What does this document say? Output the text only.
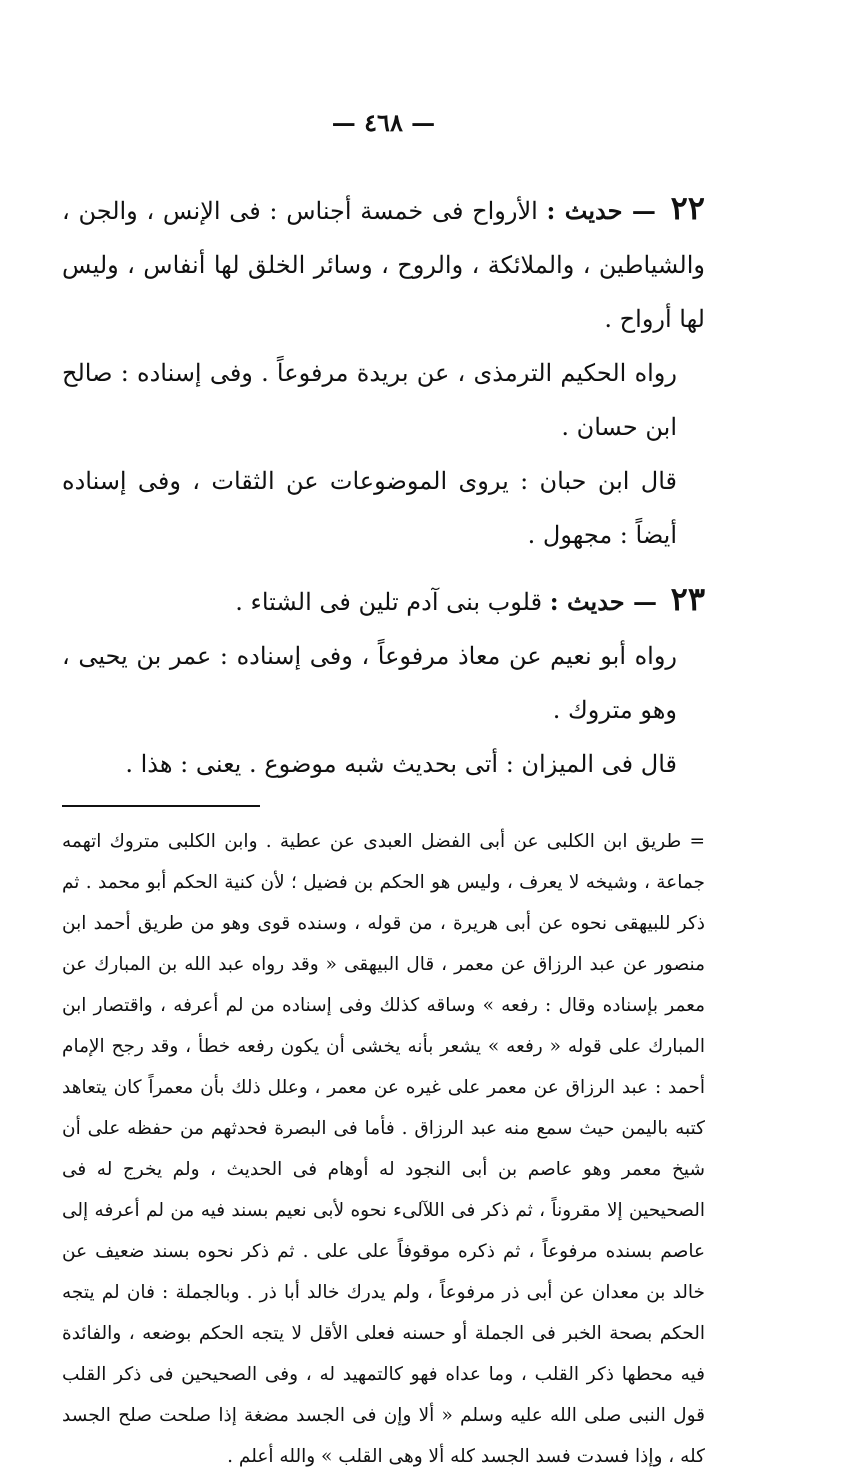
— ٤٦٨ —

٢٢ — حديث : الأرواح فى خمسة أجناس : فى الإنس ، والجن ، والشياطين ، والملائكة ، والروح ، وسائر الخلق لها أنفاس ، وليس لها أرواح .

رواه الحكيم الترمذى ، عن بريدة مرفوعاً . وفى إسناده : صالح ابن حسان .

قال ابن حبان : يروى الموضوعات عن الثقات ، وفى إسناده أيضاً : مجهول .

٢٣ — حديث : قلوب بنى آدم تلين فى الشتاء .

رواه أبو نعيم عن معاذ مرفوعاً ، وفى إسناده : عمر بن يحيى ، وهو متروك .

قال فى الميزان : أتى بحديث شبه موضوع . يعنى : هذا .

= طريق ابن الكلبى عن أبى الفضل العبدى عن عطية . وابن الكلبى متروك اتهمه جماعة ، وشيخه لا يعرف ، وليس هو الحكم بن فضيل ؛ لأن كنية الحكم أبو محمد . ثم ذكر للبيهقى نحوه عن أبى هريرة ، من قوله ، وسنده قوى وهو من طريق أحمد ابن منصور عن عبد الرزاق عن معمر ، قال البيهقى « وقد رواه عبد الله بن المبارك عن معمر بإسناده وقال : رفعه » وساقه كذلك وفى إسناده من لم أعرفه ، واقتصار ابن المبارك على قوله « رفعه » يشعر بأنه يخشى أن يكون رفعه خطأ ، وقد رجح الإمام أحمد : عبد الرزاق عن معمر على غيره عن معمر ، وعلل ذلك بأن معمراً كان يتعاهد كتبه باليمن حيث سمع منه عبد الرزاق . فأما فى البصرة فحدثهم من حفظه على أن شيخ معمر وهو عاصم بن أبى النجود له أوهام فى الحديث ، ولم يخرج له فى الصحيحين إلا مقروناً ، ثم ذكر فى اللآلىء نحوه لأبى نعيم بسند فيه من لم أعرفه إلى عاصم بسنده مرفوعاً ، ثم ذكره موقوفاً على على . ثم ذكر نحوه بسند ضعيف عن خالد بن معدان عن أبى ذر مرفوعاً ، ولم يدرك خالد أبا ذر . وبالجملة : فان لم يتجه الحكم بصحة الخبر فى الجملة أو حسنه فعلى الأقل لا يتجه الحكم بوضعه ، والفائدة فيه محطها ذكر القلب ، وما عداه فهو كالتمهيد له ، وفى الصحيحين فى ذكر القلب قول النبى صلى الله عليه وسلم « ألا وإن فى الجسد مضغة إذا صلحت صلح الجسد كله ، وإذا فسدت فسد الجسد كله ألا وهى القلب » والله أعلم .
